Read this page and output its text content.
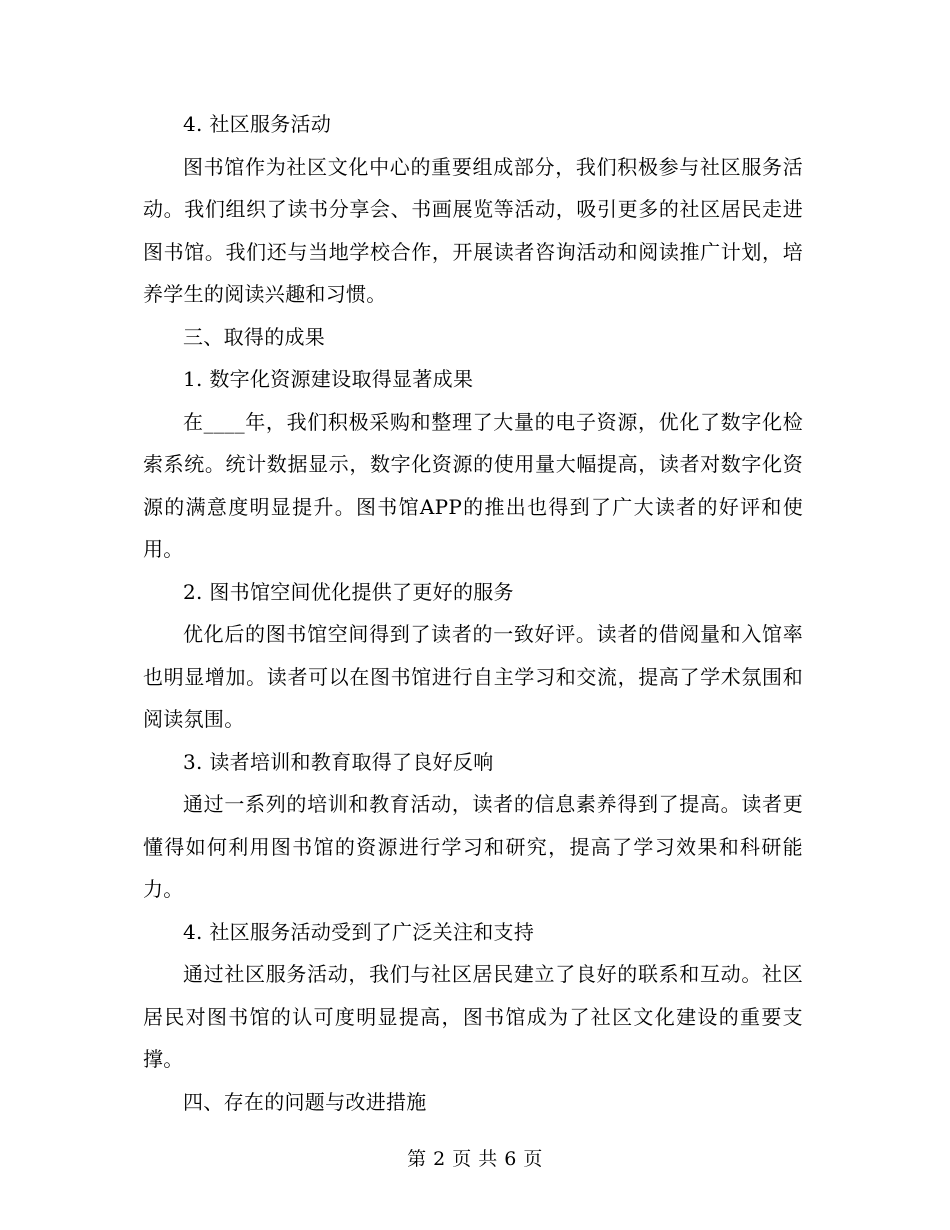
4. 社区服务活动

图书馆作为社区文化中心的重要组成部分，我们积极参与社区服务活动。我们组织了读书分享会、书画展览等活动，吸引更多的社区居民走进图书馆。我们还与当地学校合作，开展读者咨询活动和阅读推广计划，培养学生的阅读兴趣和习惯。

三、取得的成果

1. 数字化资源建设取得显著成果

在____年，我们积极采购和整理了大量的电子资源，优化了数字化检索系统。统计数据显示，数字化资源的使用量大幅提高，读者对数字化资源的满意度明显提升。图书馆APP的推出也得到了广大读者的好评和使用。

2. 图书馆空间优化提供了更好的服务

优化后的图书馆空间得到了读者的一致好评。读者的借阅量和入馆率也明显增加。读者可以在图书馆进行自主学习和交流，提高了学术氛围和阅读氛围。

3. 读者培训和教育取得了良好反响

通过一系列的培训和教育活动，读者的信息素养得到了提高。读者更懂得如何利用图书馆的资源进行学习和研究，提高了学习效果和科研能力。

4. 社区服务活动受到了广泛关注和支持

通过社区服务活动，我们与社区居民建立了良好的联系和互动。社区居民对图书馆的认可度明显提高，图书馆成为了社区文化建设的重要支撑。

四、存在的问题与改进措施

第 2 页 共 6 页
